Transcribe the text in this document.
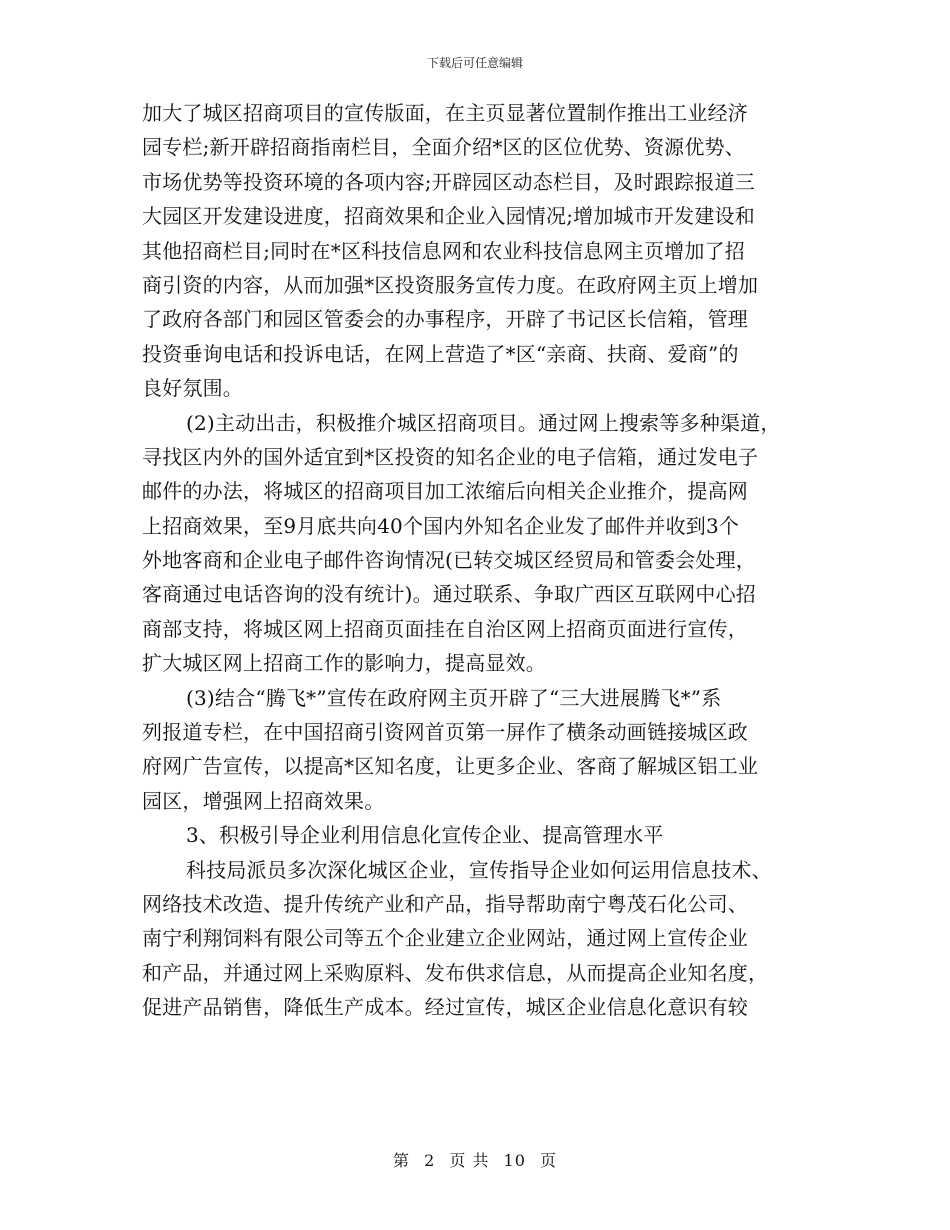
下载后可任意编辑
加大了城区招商项目的宣传版面，在主页显著位置制作推出工业经济
园专栏;新开辟招商指南栏目，全面介绍*区的区位优势、资源优势、
市场优势等投资环境的各项内容;开辟园区动态栏目，及时跟踪报道三
大园区开发建设进度，招商效果和企业入园情况;增加城市开发建设和
其他招商栏目;同时在*区科技信息网和农业科技信息网主页增加了招
商引资的内容，从而加强*区投资服务宣传力度。在政府网主页上增加
了政府各部门和园区管委会的办事程序，开辟了书记区长信箱，管理
投资垂询电话和投诉电话，在网上营造了*区“亲商、扶商、爱商”的
良好氛围。
(2)主动出击，积极推介城区招商项目。通过网上搜索等多种渠道，
寻找区内外的国外适宜到*区投资的知名企业的电子信箱，通过发电子
邮件的办法，将城区的招商项目加工浓缩后向相关企业推介，提高网
上招商效果，至9月底共向40个国内外知名企业发了邮件并收到3个
外地客商和企业电子邮件咨询情况(已转交城区经贸局和管委会处理，
客商通过电话咨询的没有统计)。通过联系、争取广西区互联网中心招
商部支持，将城区网上招商页面挂在自治区网上招商页面进行宣传，
扩大城区网上招商工作的影响力，提高显效。
(3)结合“腾飞*”宣传在政府网主页开辟了“三大进展腾飞*”系
列报道专栏，在中国招商引资网首页第一屏作了横条动画链接城区政
府网广告宣传，以提高*区知名度，让更多企业、客商了解城区铝工业
园区，增强网上招商效果。
3、积极引导企业利用信息化宣传企业、提高管理水平
科技局派员多次深化城区企业，宣传指导企业如何运用信息技术、
网络技术改造、提升传统产业和产品，指导帮助南宁粤茂石化公司、
南宁利翔饲料有限公司等五个企业建立企业网站，通过网上宣传企业
和产品，并通过网上采购原料、发布供求信息，从而提高企业知名度，
促进产品销售，降低生产成本。经过宣传，城区企业信息化意识有较
第 2 页 共 10 页
